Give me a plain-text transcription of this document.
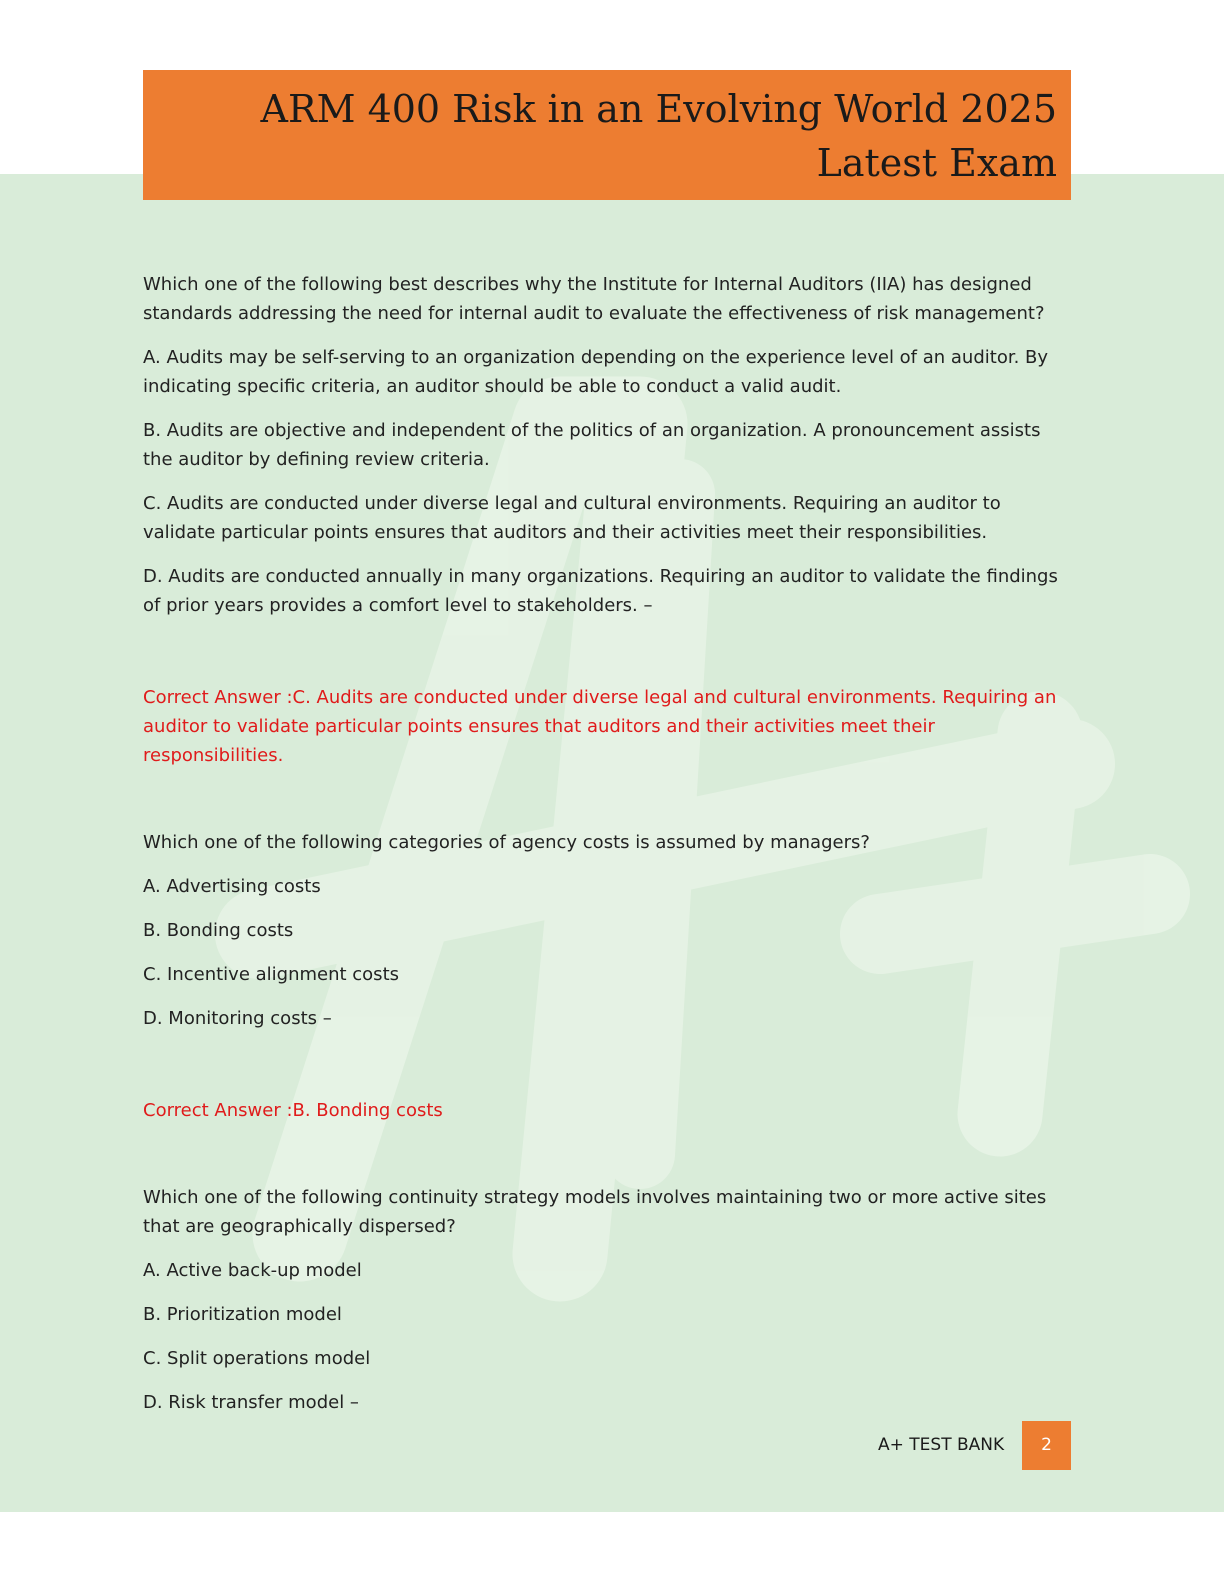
ARM 400 Risk in an Evolving World 2025
Latest Exam

Which one of the following best describes why the Institute for Internal Auditors (IIA) has designed standards addressing the need for internal audit to evaluate the effectiveness of risk management?

A. Audits may be self-serving to an organization depending on the experience level of an auditor. By indicating specific criteria, an auditor should be able to conduct a valid audit.

B. Audits are objective and independent of the politics of an organization. A pronouncement assists the auditor by defining review criteria.

C. Audits are conducted under diverse legal and cultural environments. Requiring an auditor to validate particular points ensures that auditors and their activities meet their responsibilities.

D. Audits are conducted annually in many organizations. Requiring an auditor to validate the findings of prior years provides a comfort level to stakeholders. –

Correct Answer :C. Audits are conducted under diverse legal and cultural environments. Requiring an auditor to validate particular points ensures that auditors and their activities meet their responsibilities.

Which one of the following categories of agency costs is assumed by managers?

A. Advertising costs

B. Bonding costs

C. Incentive alignment costs

D. Monitoring costs –

Correct Answer :B. Bonding costs

Which one of the following continuity strategy models involves maintaining two or more active sites that are geographically dispersed?

A. Active back-up model

B. Prioritization model

C. Split operations model

D. Risk transfer model –

A+ TEST BANK	2
